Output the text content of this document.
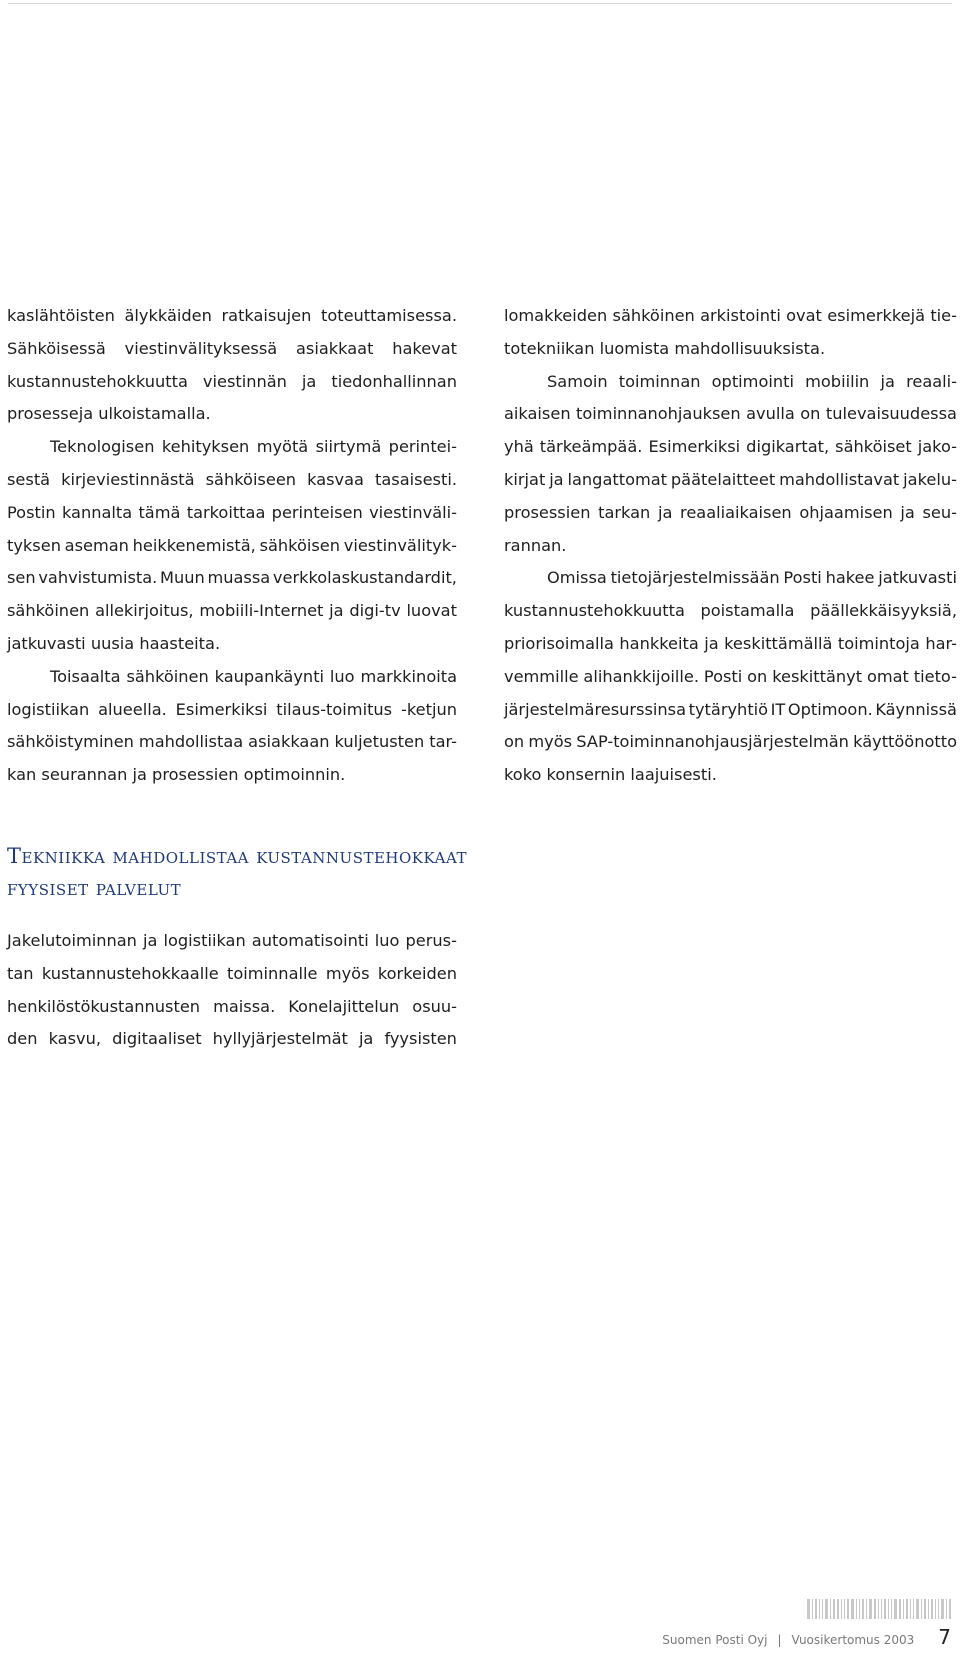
kaslähtöisten älykkäiden ratkaisujen toteuttamisessa.
Sähköisessä viestinvälityksessä asiakkaat hakevat
kustannustehokkuutta viestinnän ja tiedonhallinnan
prosesseja ulkoistamalla.
Teknologisen kehityksen myötä siirtymä perintei-
sestä kirjeviestinnästä sähköiseen kasvaa tasaisesti.
Postin kannalta tämä tarkoittaa perinteisen viestinväli-
tyksen aseman heikkenemistä, sähköisen viestinvälityk-
sen vahvistumista. Muun muassa verkkolaskustandardit,
sähköinen allekirjoitus, mobiili-Internet ja digi-tv luovat
jatkuvasti uusia haasteita.
Toisaalta sähköinen kaupankäynti luo markkinoita
logistiikan alueella. Esimerkiksi tilaus-toimitus -ketjun
sähköistyminen mahdollistaa asiakkaan kuljetusten tar-
kan seurannan ja prosessien optimoinnin.
lomakkeiden sähköinen arkistointi ovat esimerkkejä tie-
totekniikan luomista mahdollisuuksista.
Samoin toiminnan optimointi mobiilin ja reaali-
aikaisen toiminnanohjauksen avulla on tulevaisuudessa
yhä tärkeämpää. Esimerkiksi digikartat, sähköiset jako-
kirjat ja langattomat päätelaitteet mahdollistavat jakelu-
prosessien tarkan ja reaaliaikaisen ohjaamisen ja seu-
rannan.
Omissa tietojärjestelmissään Posti hakee jatkuvasti
kustannustehokkuutta poistamalla päällekkäisyyksiä,
priorisoimalla hankkeita ja keskittämällä toimintoja har-
vemmille alihankkijoille. Posti on keskittänyt omat tieto-
järjestelmäresurssinsa tytäryhtiö IT Optimoon. Käynnissä
on myös SAP-toiminnanohjausjärjestelmän käyttöönotto
koko konsernin laajuisesti.
Tekniikka mahdollistaa kustannustehokkaat
fyysiset palvelut
Jakelutoiminnan ja logistiikan automatisointi luo perus-
tan kustannustehokkaalle toiminnalle myös korkeiden
henkilöstökustannusten maissa. Konelajittelun osuu-
den kasvu, digitaaliset hyllyjärjestelmät ja fyysisten
Suomen Posti Oyj | Vuosikertomus 2003 7
